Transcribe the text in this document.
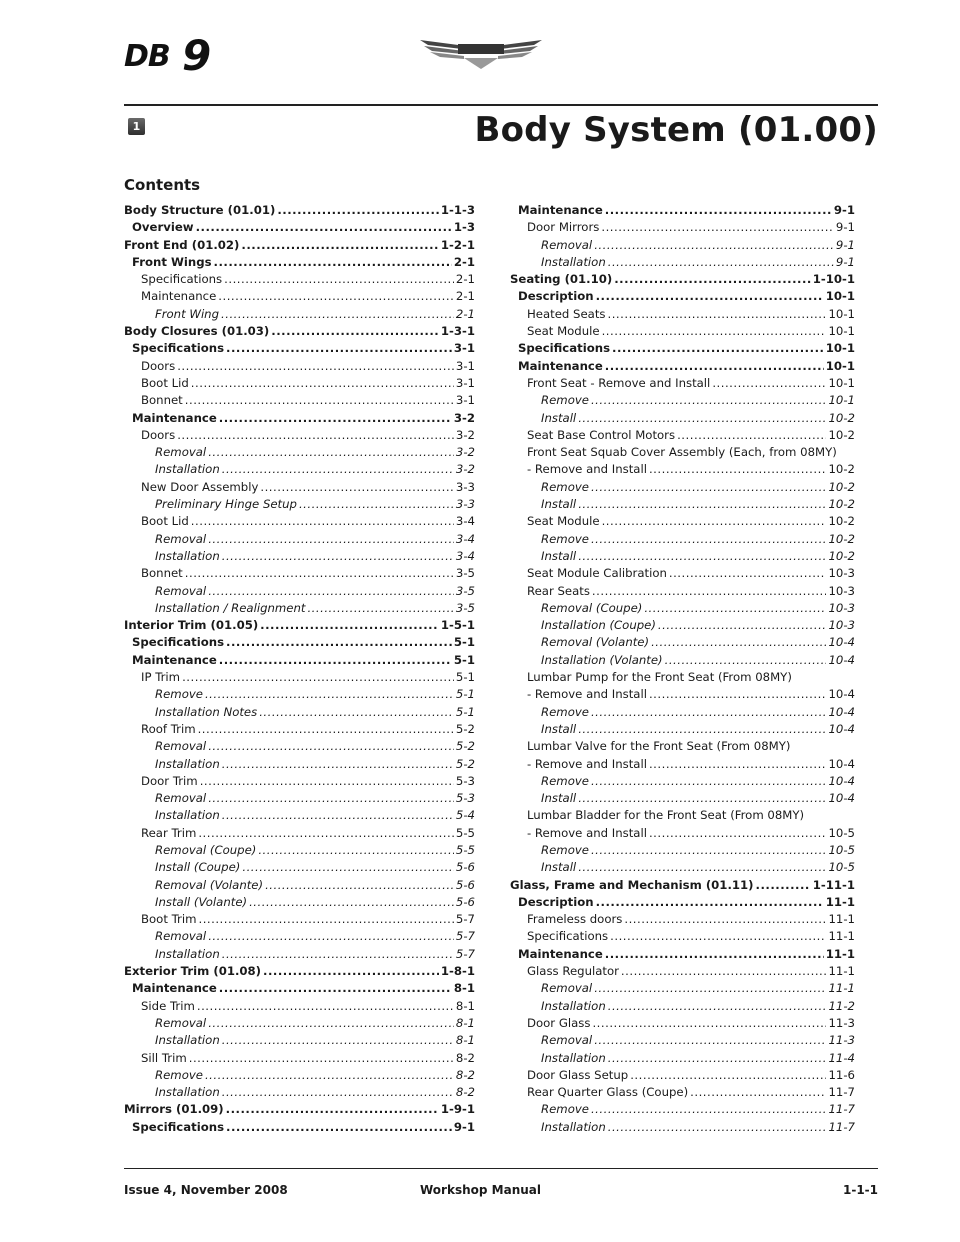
DB 9
1	Body System (01.00)
Contents
Body Structure (01.01) .....	1-1-3
Overview .....	1-3
Front End (01.02) .....	1-2-1
Front Wings .....	2-1
Specifications .....	2-1
Maintenance .....	2-1
Front Wing .....	2-1
Body Closures (01.03) .....	1-3-1
Specifications .....	3-1
Doors .....	3-1
Boot Lid .....	3-1
Bonnet .....	3-1
Maintenance .....	3-2
Doors .....	3-2
Removal .....	3-2
Installation .....	3-2
New Door Assembly .....	3-3
Preliminary Hinge Setup .....	3-3
Boot Lid .....	3-4
Removal .....	3-4
Installation .....	3-4
Bonnet .....	3-5
Removal .....	3-5
Installation / Realignment .....	3-5
Interior Trim (01.05) .....	1-5-1
Specifications .....	5-1
Maintenance .....	5-1
IP Trim .....	5-1
Remove .....	5-1
Installation Notes .....	5-1
Roof Trim .....	5-2
Removal .....	5-2
Installation .....	5-2
Door Trim .....	5-3
Removal .....	5-3
Installation .....	5-4
Rear Trim .....	5-5
Removal (Coupe) .....	5-5
Install (Coupe) .....	5-6
Removal (Volante) .....	5-6
Install (Volante) .....	5-6
Boot Trim .....	5-7
Removal .....	5-7
Installation .....	5-7
Exterior Trim (01.08) .....	1-8-1
Maintenance .....	8-1
Side Trim .....	8-1
Removal .....	8-1
Installation .....	8-1
Sill Trim .....	8-2
Remove .....	8-2
Installation .....	8-2
Mirrors (01.09) .....	1-9-1
Specifications .....	9-1
Maintenance .....	9-1
Door Mirrors .....	9-1
Removal .....	9-1
Installation .....	9-1
Seating (01.10) .....	1-10-1
Description .....	10-1
Heated Seats .....	10-1
Seat Module .....	10-1
Specifications .....	10-1
Maintenance .....	10-1
Front Seat - Remove and Install .....	10-1
Remove .....	10-1
Install .....	10-2
Seat Base Control Motors .....	10-2
Front Seat Squab Cover Assembly (Each, from 08MY)
- Remove and Install .....	10-2
Remove .....	10-2
Install .....	10-2
Seat Module .....	10-2
Remove .....	10-2
Install .....	10-2
Seat Module Calibration .....	10-3
Rear Seats .....	10-3
Removal (Coupe) .....	10-3
Installation (Coupe) .....	10-3
Removal (Volante) .....	10-4
Installation (Volante) .....	10-4
Lumbar Pump for the Front Seat (From 08MY)
- Remove and Install .....	10-4
Remove .....	10-4
Install .....	10-4
Lumbar Valve for the Front Seat (From 08MY)
- Remove and Install .....	10-4
Remove .....	10-4
Install .....	10-4
Lumbar Bladder for the Front Seat (From 08MY)
- Remove and Install .....	10-5
Remove .....	10-5
Install .....	10-5
Glass, Frame and Mechanism (01.11) .....	1-11-1
Description .....	11-1
Frameless doors .....	11-1
Specifications .....	11-1
Maintenance .....	11-1
Glass Regulator .....	11-1
Removal .....	11-1
Installation .....	11-2
Door Glass .....	11-3
Removal .....	11-3
Installation .....	11-4
Door Glass Setup .....	11-6
Rear Quarter Glass (Coupe) .....	11-7
Remove .....	11-7
Installation .....	11-7
Issue 4, November 2008	Workshop Manual	1-1-1
